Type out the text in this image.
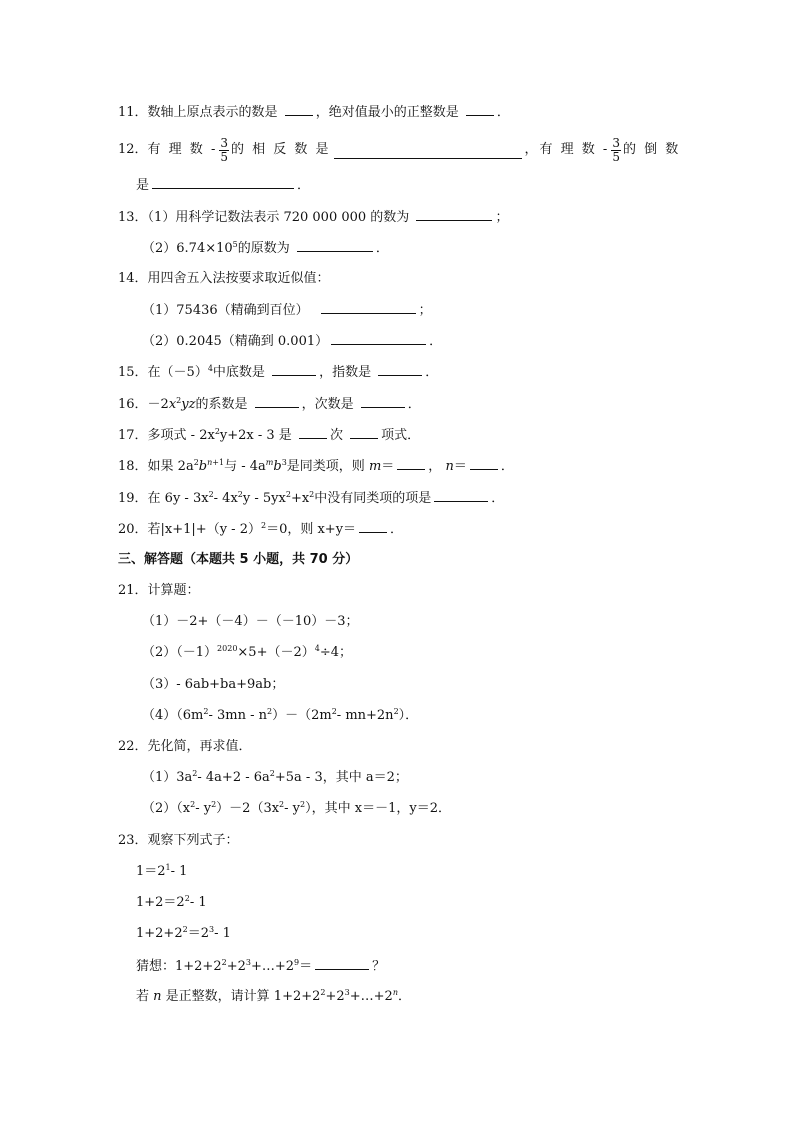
11．数轴上原点表示的数是	，绝对值最小的正整数是	．
12． 有 理 数 - $\frac{3}{5}$ 的 相 反 数 是	，有 理 数 - $\frac{3}{5}$ 的 倒 数
是	．
13．（1）用科学记数法表示 720 000 000 的数为	；
$(2)6.74\times 10^5$的原数为	．
14．用四舍五入法按要求取近似值：
（1）75436（精确到百位）	；
（2）0.2045（精确到 0.001）	．
15．在$(-5)^4$中底数是	，指数是	．
16．$-2x^2yz$的系数是	，次数是	．
17．多项式 - $2x^2y+2x - 3$ 是	次	项式．
18．如果 $2a^2b^{n+1}$与 - $4a^mb^3$是同类项，则 m＝	， n＝	．
19．在 $6y - 3x^2-$ $4x^2y - 5yx^2+x^2$中没有同类项的项是	．
20．若|x+1|+（y - 2）$^2$＝0，则 x+y＝	．
三、解答题（本题共 5 小题，共 70 分）
21．计算题：
（1）－2+（－4）－（－10）－3；
$(2)(-1)^{2020}\times 5+(-2)^4\div 4$；
（3）- 6ab+ba+9ab；
$(4)(6m^2-$ $3mn - n^2)-(2m^2-$ $mn+2n^2$）．
22．先化简，再求值．
$(1)3a^2-$ $4a+2 - 6a^2+5a - 3$，其中 a＝2；
$(2)(x^2-$ $y^2)-2(3x^2-$ $y^2$），其中 x＝－1，y＝2．
23．观察下列式子：
$1=2^1-$ 1
$1+2=2^2-$ 1
$1+2+2^2=2^3-$ 1
猜想：$1+2+2^2+2^3+\dots+2^9=$	？
若 n 是正整数，请计算 $1+2+2^2+2^3+\dots+2^n$．
